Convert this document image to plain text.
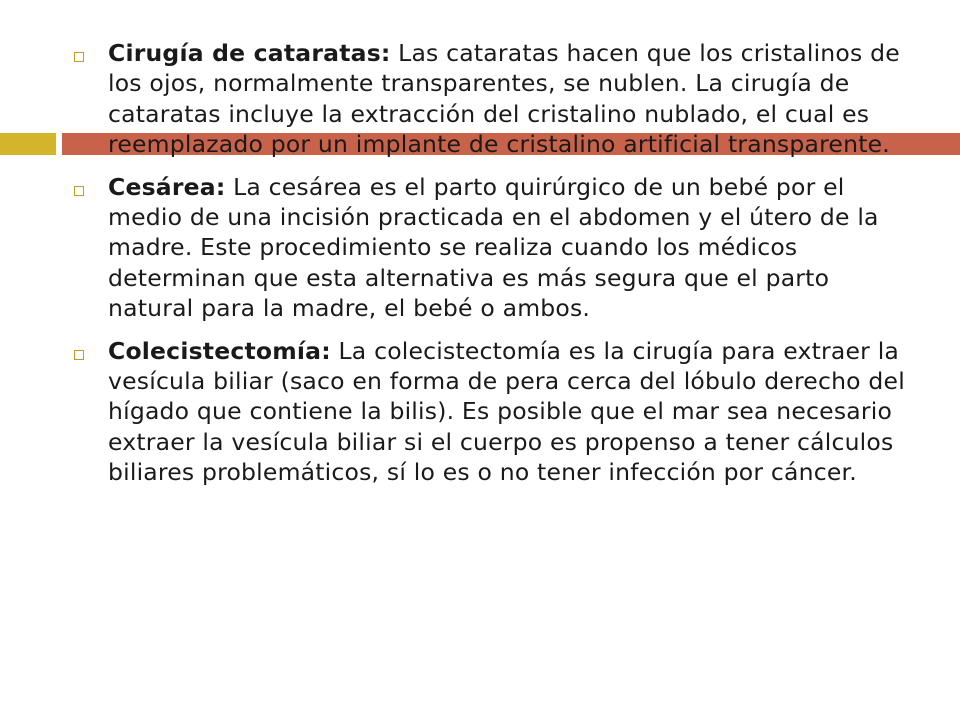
Cirugía de cataratas: Las cataratas hacen que los cristalinos de los ojos, normalmente transparentes, se nublen. La cirugía de cataratas incluye la extracción del cristalino nublado, el cual es reemplazado por un implante de cristalino artificial transparente.
Cesárea: La cesárea es el parto quirúrgico de un bebé por el medio de una incisión practicada en el abdomen y el útero de la madre. Este procedimiento se realiza cuando los médicos determinan que esta alternativa es más segura que el parto natural para la madre, el bebé o ambos.
Colecistectomía: La colecistectomía es la cirugía para extraer la vesícula biliar (saco en forma de pera cerca del lóbulo derecho del hígado que contiene la bilis). Es posible que el mar sea necesario extraer la vesícula biliar si el cuerpo es propenso a tener cálculos biliares problemáticos, sí lo es o no tener infección por cáncer.
